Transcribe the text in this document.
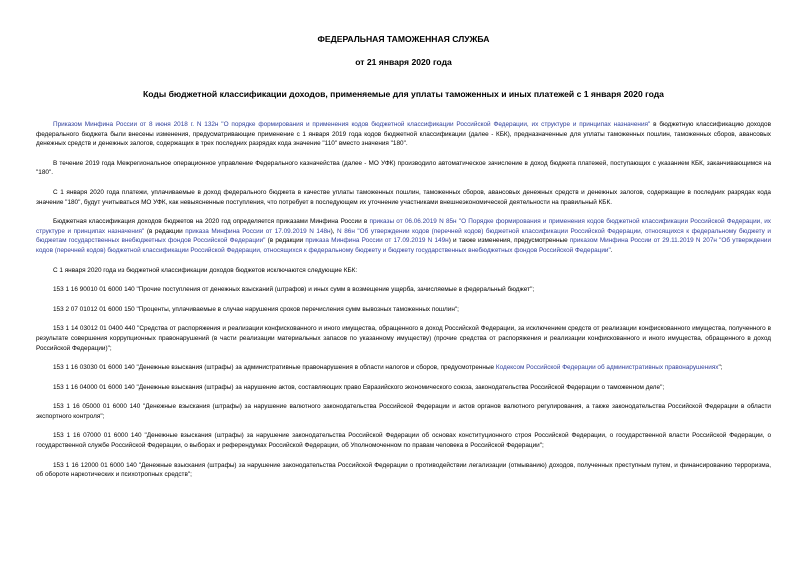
ФЕДЕРАЛЬНАЯ ТАМОЖЕННАЯ СЛУЖБА
от 21 января 2020 года
Коды бюджетной классификации доходов, применяемые для уплаты таможенных и иных платежей с 1 января 2020 года

Приказом Минфина России от 8 июня 2018 г. N 132н "О порядке формирования и применения кодов бюджетной классификации Российской Федерации, их структуре и принципах назначения" в бюджетную классификацию доходов федерального бюджета были внесены изменения, предусматривающие применение с 1 января 2019 года кодов бюджетной классификации (далее - КБК), предназначенные для уплаты таможенных пошлин, таможенных сборов, авансовых денежных средств и денежных залогов, содержащих в трех последних разрядах кода значение "110" вместо значения "180".

В течение 2019 года Межрегиональное операционное управление Федерального казначейства (далее - МО УФК) производило автоматическое зачисление в доход бюджета платежей, поступающих с указанием КБК, заканчивающимся на "180".

С 1 января 2020 года платежи, уплачиваемые в доход федерального бюджета в качестве уплаты таможенных пошлин, таможенных сборов, авансовых денежных средств и денежных залогов, содержащие в последних разрядах кода значение "180", будут учитываться МО УФК, как невыясненные поступления, что потребует в последующем их уточнение участниками внешнеэкономической деятельности на правильный КБК.

Бюджетная классификация доходов бюджетов на 2020 год определяется приказами Минфина России в приказы от 06.06.2019 N 85н "О Порядке формирования и применения кодов бюджетной классификации Российской Федерации, их структуре и принципах назначения" (в редакции приказа Минфина России от 17.09.2019 N 148н), N 86н "Об утверждении кодов (перечней кодов) бюджетной классификации Российской Федерации, относящихся к федеральному бюджету и бюджетам государственных внебюджетных фондов Российской Федерации" (в редакции приказа Минфина России от 17.09.2019 N 149н) и также изменения, предусмотренные приказом Минфина России от 29.11.2019 N 207н "Об утверждении кодов (перечней кодов) бюджетной классификации Российской Федерации, относящихся к федеральному бюджету и бюджету государственных внебюджетных фондов Российской Федерации".

С 1 января 2020 года из бюджетной классификации доходов бюджетов исключаются следующие КБК:

153 1 16 90010 01 6000 140 "Прочие поступления от денежных взысканий (штрафов) и иных сумм в возмещение ущерба, зачисляемые в федеральный бюджет";

153 2 07 01012 01 6000 150 "Проценты, уплачиваемые в случае нарушения сроков перечисления сумм вывозных таможенных пошлин";

153 1 14 03012 01 0400 440 "Средства от распоряжения и реализации конфискованного и иного имущества, обращенного в доход Российской Федерации, за исключением средств от реализации конфискованного имущества, полученного в результате совершения коррупционных правонарушений (в части реализации материальных запасов по указанному имуществу) (прочие средства от распоряжения и реализации конфискованного и иного имущества, обращенного в доход Российской Федерации)";

153 1 16 03030 01 6000 140 "Денежные взыскания (штрафы) за административные правонарушения в области налогов и сборов, предусмотренные Кодексом Российской Федерации об административных правонарушениях";

153 1 16 04000 01 6000 140 "Денежные взыскания (штрафы) за нарушение актов, составляющих право Евразийского экономического союза, законодательства Российской Федерации о таможенном деле";

153 1 16 05000 01 6000 140 "Денежные взыскания (штрафы) за нарушение валютного законодательства Российской Федерации и актов органов валютного регулирования, а также законодательства Российской Федерации в области экспортного контроля";

153 1 16 07000 01 6000 140 "Денежные взыскания (штрафы) за нарушение законодательства Российской Федерации об основах конституционного строя Российской Федерации, о государственной власти Российской Федерации, о государственной службе Российской Федерации, о выборах и референдумах Российской Федерации, об Уполномоченном по правам человека в Российской Федерации";

153 1 16 12000 01 6000 140 "Денежные взыскания (штрафы) за нарушение законодательства Российской Федерации о противодействии легализации (отмыванию) доходов, полученных преступным путем, и финансированию терроризма, об обороте наркотических и психотропных средств";
